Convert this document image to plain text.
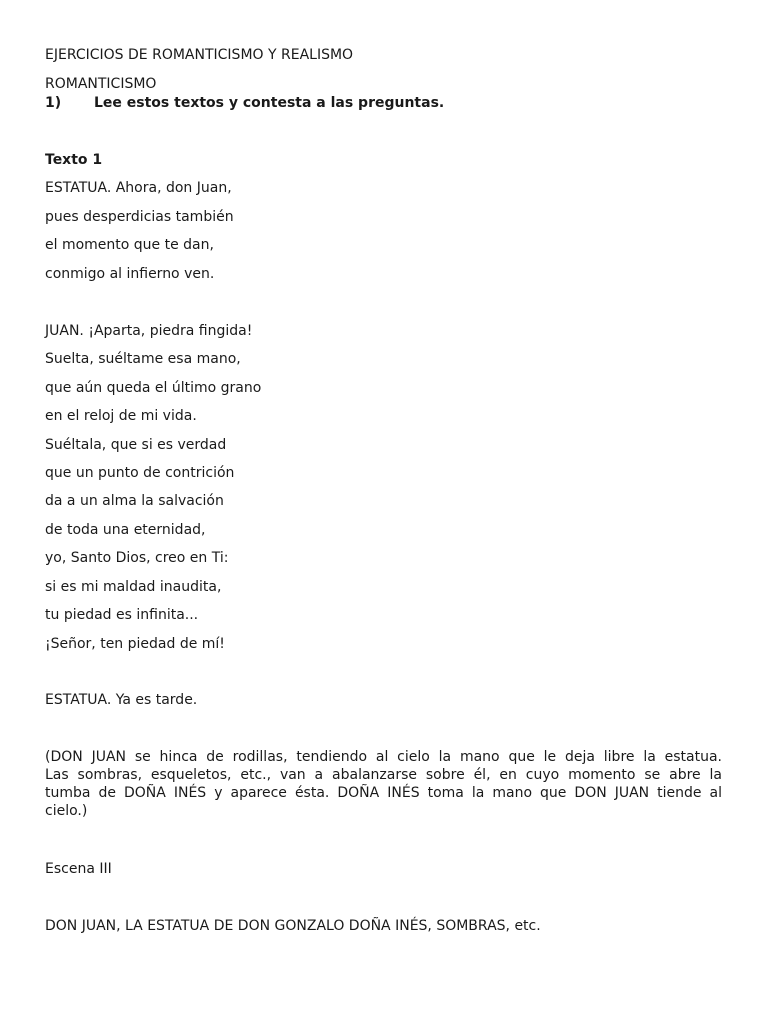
EJERCICIOS DE ROMANTICISMO Y REALISMO
ROMANTICISMO
1) Lee estos textos y contesta a las preguntas.
Texto 1
ESTATUA. Ahora, don Juan,
pues desperdicias también
el momento que te dan,
conmigo al infierno ven.
JUAN. ¡Aparta, piedra fingida!
Suelta, suéltame esa mano,
que aún queda el último grano
en el reloj de mi vida.
Suéltala, que si es verdad
que un punto de contrición
da a un alma la salvación
de toda una eternidad,
yo, Santo Dios, creo en Ti:
si es mi maldad inaudita,
tu piedad es infinita...
¡Señor, ten piedad de mí!
ESTATUA. Ya es tarde.
(DON JUAN se hinca de rodillas, tendiendo al cielo la mano que le deja libre la estatua.
Las sombras, esqueletos, etc., van a abalanzarse sobre él, en cuyo momento se abre la
tumba de DOÑA INÉS y aparece ésta. DOÑA INÉS toma la mano que DON JUAN tiende al
cielo.)
Escena III
DON JUAN, LA ESTATUA DE DON GONZALO DOÑA INÉS, SOMBRAS, etc.
